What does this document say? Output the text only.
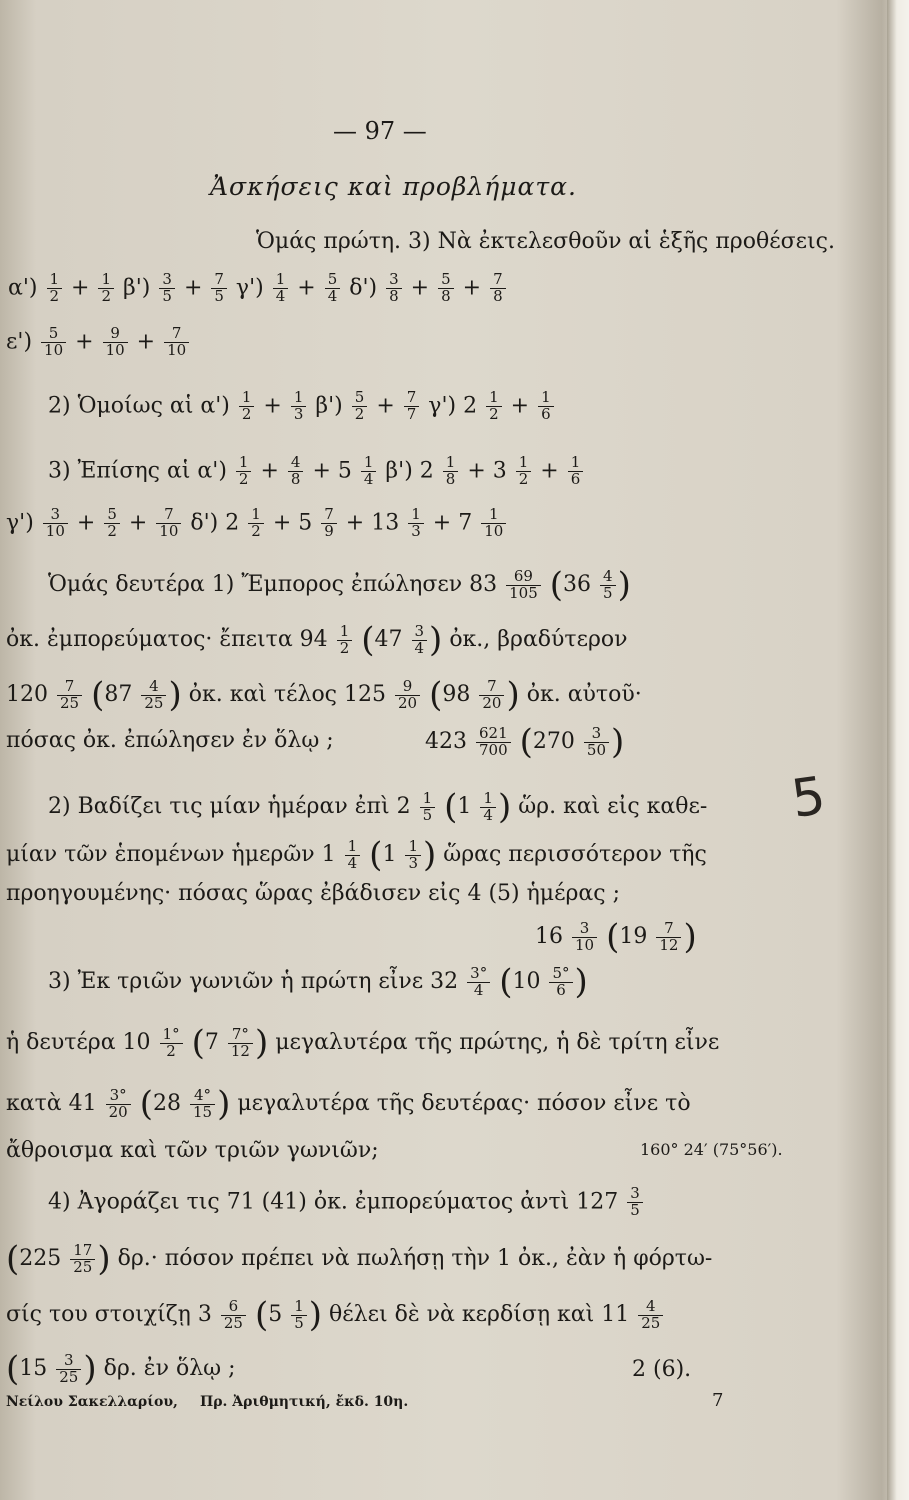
— 97 —
Ἀσκήσεις καὶ προβλήματα.
Ὁμάς πρώτη. 3) Νὰ ἐκτελεσθοῦν αἱ ἑξῆς προθέσεις.
$\alpha') \frac{1}{2} + \frac{1}{2} \beta') \frac{3}{5} + \frac{7}{5} \gamma') \frac{1}{4} + \frac{5}{4} \delta') \frac{3}{8} + \frac{5}{8} + \frac{7}{8}$
$\varepsilon') \frac{5}{10} + \frac{9}{10} + \frac{7}{10}$
2) Ὁμοίως αἱ $\alpha') \frac{1}{2} + \frac{1}{3} \beta') \frac{5}{2} + \frac{7}{7} \gamma'$) $2 \frac{1}{2} + \frac{1}{6}$
3) Ἐπίσης αἱ $\alpha') \frac{1}{2} + \frac{4}{8} + 5 \frac{1}{4} \beta'$) $2 \frac{1}{8} + 3 \frac{1}{2} + \frac{1}{6}$
$\gamma') \frac{3}{10} + \frac{5}{2} + \frac{7}{10} \delta'$) $2 \frac{1}{2} + 5 \frac{7}{9} + 13 \frac{1}{3} + 7 \frac{1}{10}$
Ὁμάς δευτέρα 1) Ἔμπορος ἐπώλησεν $83 \frac{69}{105} (36 \frac{4}{5}$ )
ὀκ. ἐμπορεύματος· ἔπειτα $94 \frac{1}{2} (47 \frac{3}{4}$ ) ὀκ., βραδύτερον
$120 \frac{7}{25} (87 \frac{4}{25}$ ) ὀκ. καὶ τέλος $125 \frac{9}{20} (98 \frac{7}{20}$ ) ὀκ. αὐτοῦ·
πόσας ὀκ. ἐπώλησεν ἐν ὅλῳ ;	$423 \frac{621}{700} (270 \frac{3}{50}$ )
2) Βαδίζει τις μίαν ἡμέραν ἐπὶ $2 \frac{1}{5} (1 \frac{1}{4}$ ) ὥρ. καὶ εἰς καθε-
μίαν τῶν ἑπομένων ἡμερῶν $1 \frac{1}{4} (1 \frac{1}{3}$ ) ὥρας περισσότερον τῆς
προηγουμένης· πόσας ὥρας ἐβάδισεν εἰς 4 (5) ἡμέρας ;
$16 \frac{3}{10} (19 \frac{7}{12}$ )
3) Ἐκ τριῶν γωνιῶν ἡ πρώτη εἶνε $32 \frac{3^\circ}{4} (10 \frac{5^\circ}{6}$ )
ἡ δευτέρα $10 \frac{1^\circ}{2} (7 \frac{7^\circ}{12}$ ) μεγαλυτέρα τῆς πρώτης, ἡ δὲ τρίτη εἶνε
κατὰ $41 \frac{3^\circ}{20} (28 \frac{4^\circ}{15}$ ) μεγαλυτέρα τῆς δευτέρας· πόσον εἶνε τὸ
ἄθροισμα καὶ τῶν τριῶν γωνιῶν;	160° 24′ (75°56′).
4) Ἀγοράζει τις 71 (41) ὀκ. ἐμπορεύματος ἀντὶ $127 \frac{3}{5}$
($225 \frac{17}{25}$ ) δρ.· πόσον πρέπει νὰ πωλήσῃ τὴν 1 ὀκ., ἐὰν ἡ φόρτω-
σίς του στοιχίζῃ $3 \frac{6}{25} (5 \frac{1}{5}$ ) θέλει δὲ νὰ κερδίσῃ καὶ $11 \frac{4}{25}$
($15 \frac{3}{25}$ ) δρ. ἐν ὅλῳ ;	2 (6).
Νείλου Σακελλαρίου, Πρ. Ἀριθμητική, ἔκδ. 10η.	7
5
